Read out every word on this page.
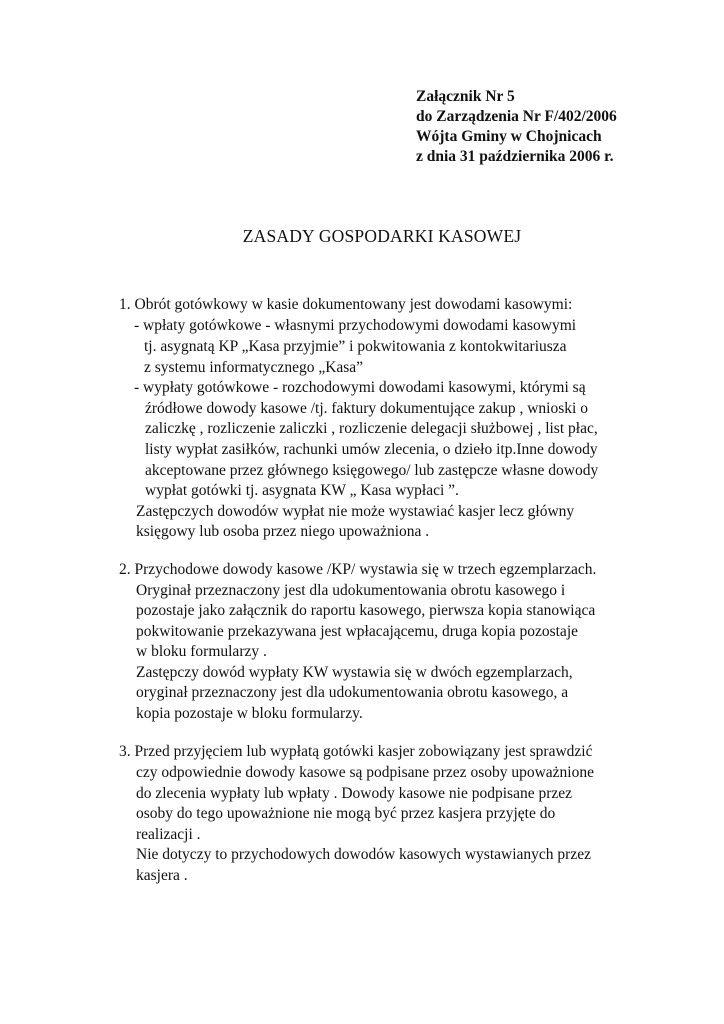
Załącznik Nr 5
do Zarządzenia Nr F/402/2006
Wójta Gminy w Chojnicach
z dnia 31 października 2006 r.
ZASADY GOSPODARKI KASOWEJ
1. Obrót gotówkowy w kasie dokumentowany jest dowodami kasowymi:
- wpłaty gotówkowe - własnymi przychodowymi dowodami kasowymi
tj. asygnatą KP „Kasa przyjmie” i pokwitowania z kontokwitariusza
z systemu informatycznego „Kasa”
- wypłaty gotówkowe - rozchodowymi dowodami kasowymi, którymi są
źródłowe dowody kasowe /tj. faktury dokumentujące zakup , wnioski o
zaliczkę , rozliczenie zaliczki , rozliczenie delegacji służbowej , list płac,
listy wypłat zasiłków, rachunki umów zlecenia, o dzieło itp.Inne dowody
akceptowane przez głównego księgowego/ lub zastępcze własne dowody
wypłat gotówki tj. asygnata KW „ Kasa wypłaci ”.
Zastępczych dowodów wypłat nie może wystawiać kasjer lecz główny
księgowy lub osoba przez niego upoważniona .
2. Przychodowe dowody kasowe /KP/ wystawia się w trzech egzemplarzach.
Oryginał przeznaczony jest dla udokumentowania obrotu kasowego i
pozostaje jako załącznik do raportu kasowego, pierwsza kopia stanowiąca
pokwitowanie przekazywana jest wpłacającemu, druga kopia pozostaje
w bloku formularzy .
Zastępczy dowód wypłaty KW wystawia się w dwóch egzemplarzach,
oryginał przeznaczony jest dla udokumentowania obrotu kasowego, a
kopia pozostaje w bloku formularzy.
3. Przed przyjęciem lub wypłatą gotówki kasjer zobowiązany jest sprawdzić
czy odpowiednie dowody kasowe są podpisane przez osoby upoważnione
do zlecenia wypłaty lub wpłaty . Dowody kasowe nie podpisane przez
osoby do tego upoważnione nie mogą być przez kasjera przyjęte do
realizacji .
Nie dotyczy to przychodowych dowodów kasowych wystawianych przez
kasjera .
